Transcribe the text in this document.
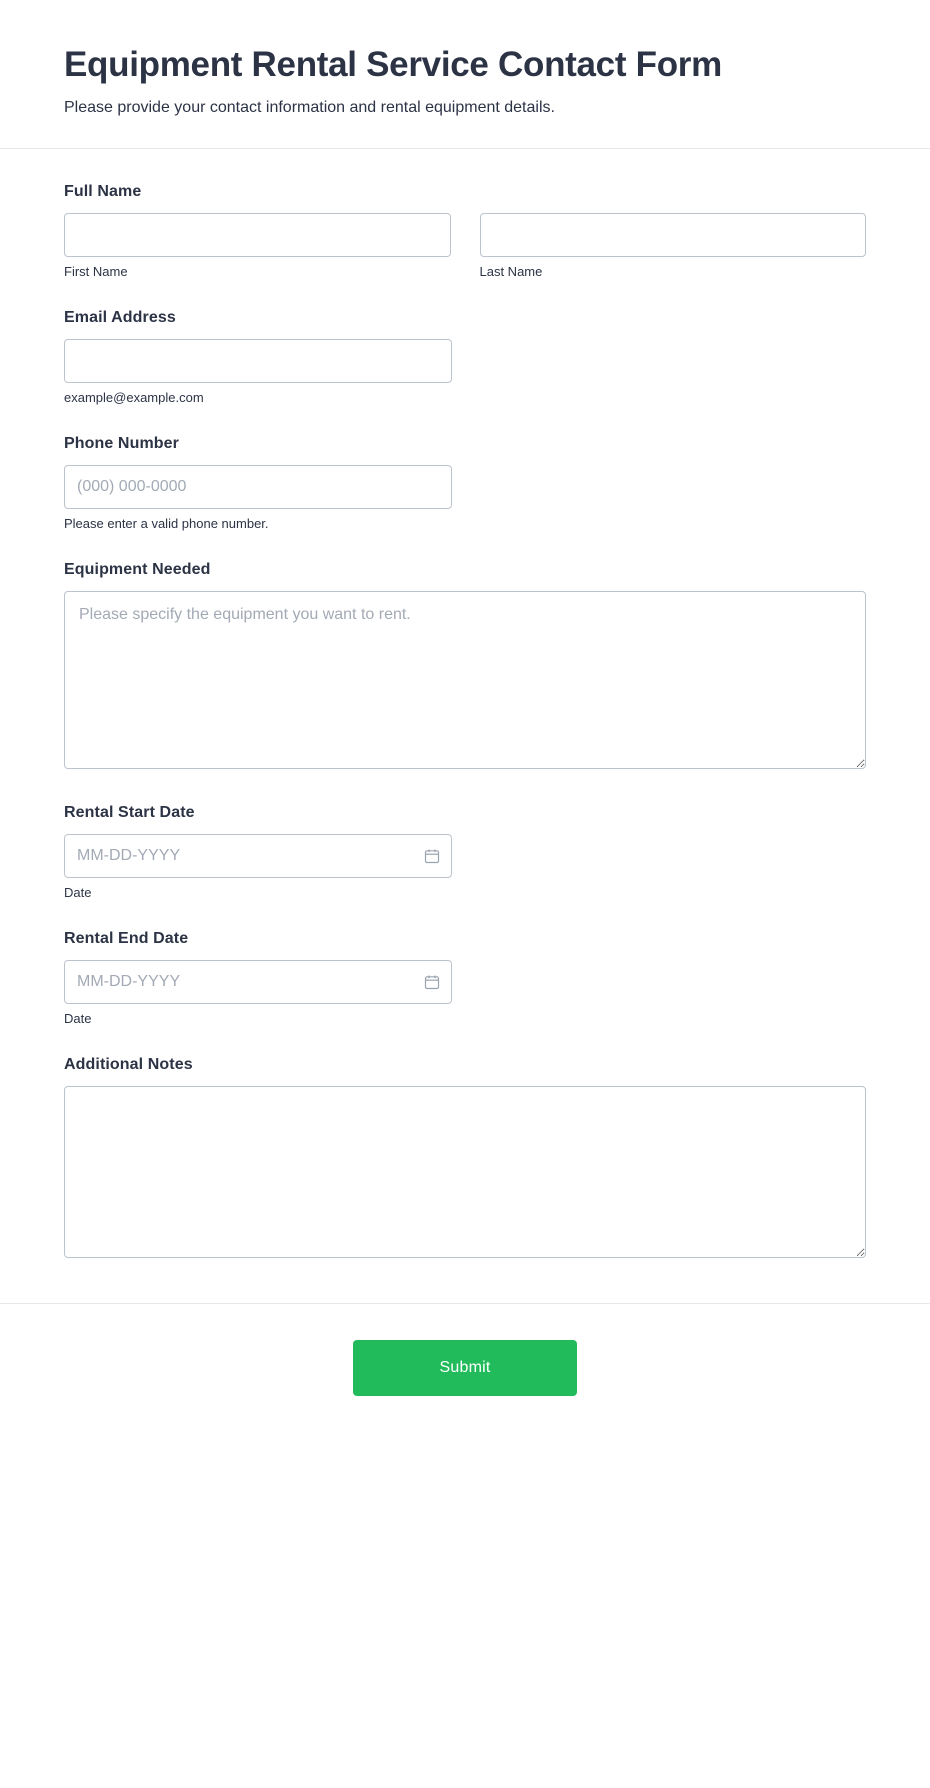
Equipment Rental Service Contact Form

Please provide your contact information and rental equipment details.

Full Name
First Name	Last Name
Email Address
example@example.com
Phone Number
(000) 000-0000
Please enter a valid phone number.
Equipment Needed
Please specify the equipment you want to rent.
Rental Start Date
MM-DD-YYYY
Date
Rental End Date
MM-DD-YYYY
Date
Additional Notes
Submit
